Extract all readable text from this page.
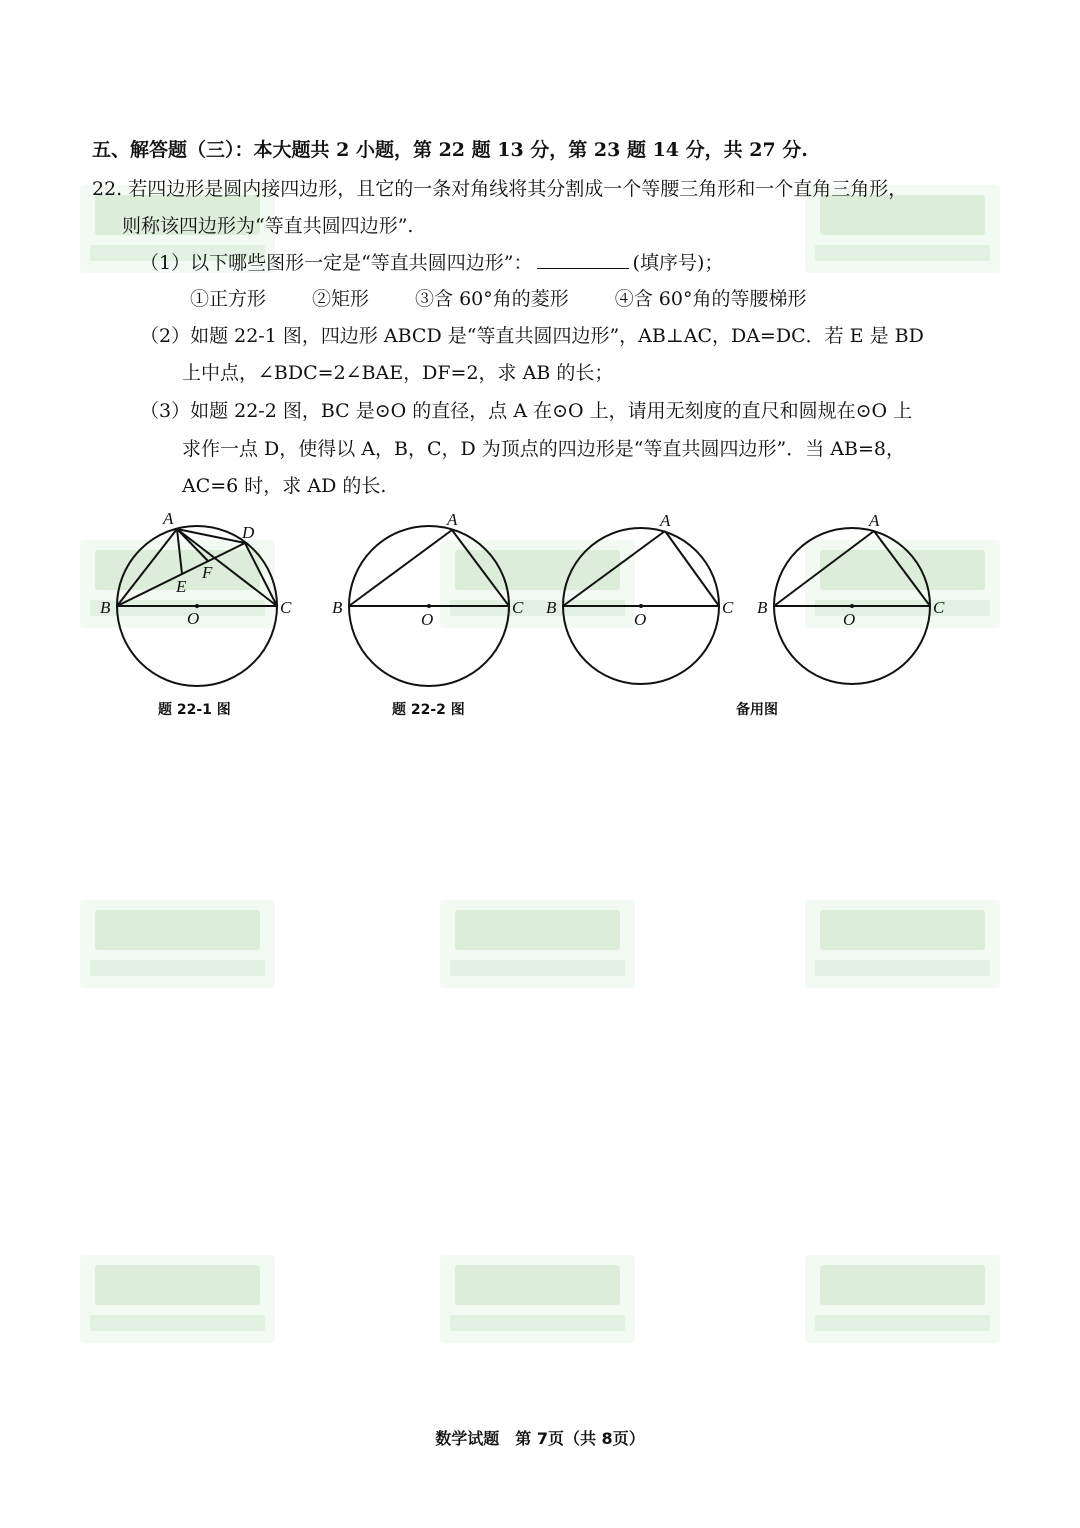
五、解答题（三）：本大题共 2 小题，第 22 题 13 分，第 23 题 14 分，共 27 分.
22. 若四边形是圆内接四边形，且它的一条对角线将其分割成一个等腰三角形和一个直角三角形，
则称该四边形为“等直共圆四边形”.
（1）以下哪些图形一定是“等直共圆四边形”：	(填序号)；
①正方形 ②矩形 ③含 60°角的菱形 ④含 60°角的等腰梯形
（2）如题 22-1 图，四边形 ABCD 是“等直共圆四边形”，AB⊥AC，DA=DC．若 E 是 BD
上中点，∠BDC=2∠BAE，DF=2，求 AB 的长；
（3）如题 22-2 图，BC 是⊙O 的直径，点 A 在⊙O 上，请用无刻度的直尺和圆规在⊙O 上
求作一点 D，使得以 A，B，C，D 为顶点的四边形是“等直共圆四边形”．当 AB=8，
AC=6 时，求 AD 的长.
A
B	C
D
E
F
O
A
B	C
O
A
B	C
O
A
B	C
O
题 22-1 图	题 22-2 图	备用图
数学试题　第 7页（共 8页）
